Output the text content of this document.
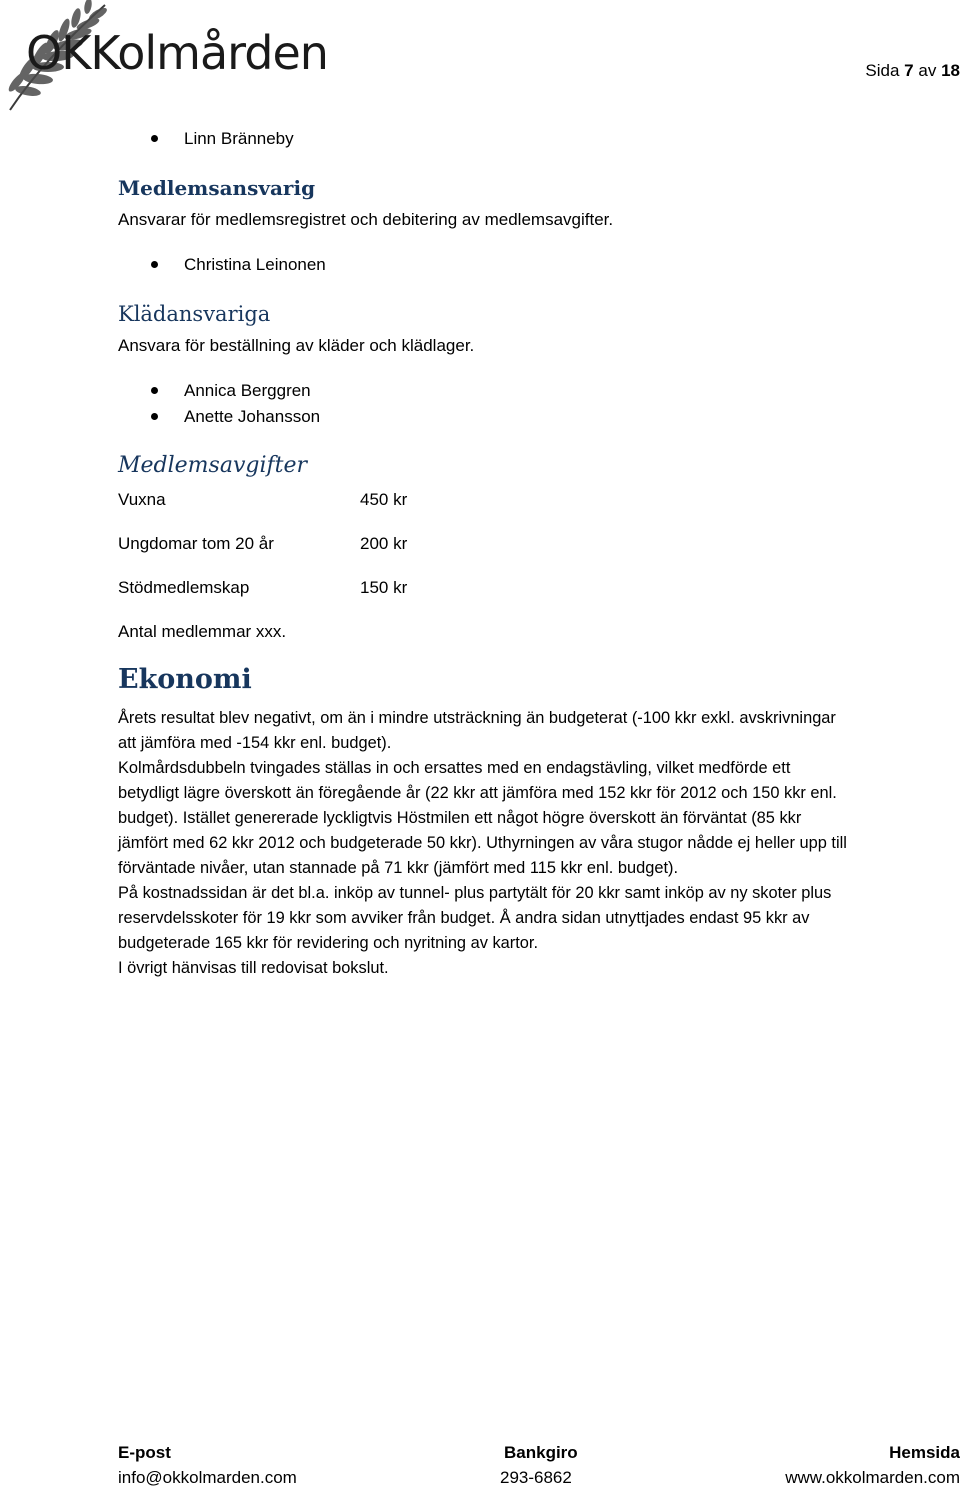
OKKolmården	Sida 7 av 18
Linn Bränneby
Medlemsansvarig
Ansvarar för medlemsregistret och debitering av medlemsavgifter.
Christina Leinonen
Klädansvariga
Ansvara för beställning av kläder och klädlager.
Annica Berggren
Anette Johansson
Medlemsavgifter
Vuxna	450 kr
Ungdomar tom 20 år	200 kr
Stödmedlemskap	150 kr
Antal medlemmar xxx.
Ekonomi

Årets resultat blev negativt, om än i mindre utsträckning än budgeterat (-100 kkr exkl. avskrivningar

att jämföra med -154 kkr enl. budget).

Kolmårdsdubbeln tvingades ställas in och ersattes med en endagstävling, vilket medförde ett

betydligt lägre överskott än föregående år (22 kkr att jämföra med 152 kkr för 2012 och 150 kkr enl.

budget). Istället genererade lyckligtvis Höstmilen ett något högre överskott än förväntat (85 kkr

jämfört med 62 kkr 2012 och budgeterade 50 kkr). Uthyrningen av våra stugor nådde ej heller upp till

förväntade nivåer, utan stannade på 71 kkr (jämfört med 115 kkr enl. budget).

På kostnadssidan är det bl.a. inköp av tunnel- plus partytält för 20 kkr samt inköp av ny skoter plus

reservdelsskoter för 19 kkr som avviker från budget. Å andra sidan utnyttjades endast 95 kkr av

budgeterade 165 kkr för revidering och nyritning av kartor.

I övrigt hänvisas till redovisat bokslut.

E-post
info@okkolmarden.com
Bankgiro
293-6862
Hemsida
www.okkolmarden.com
